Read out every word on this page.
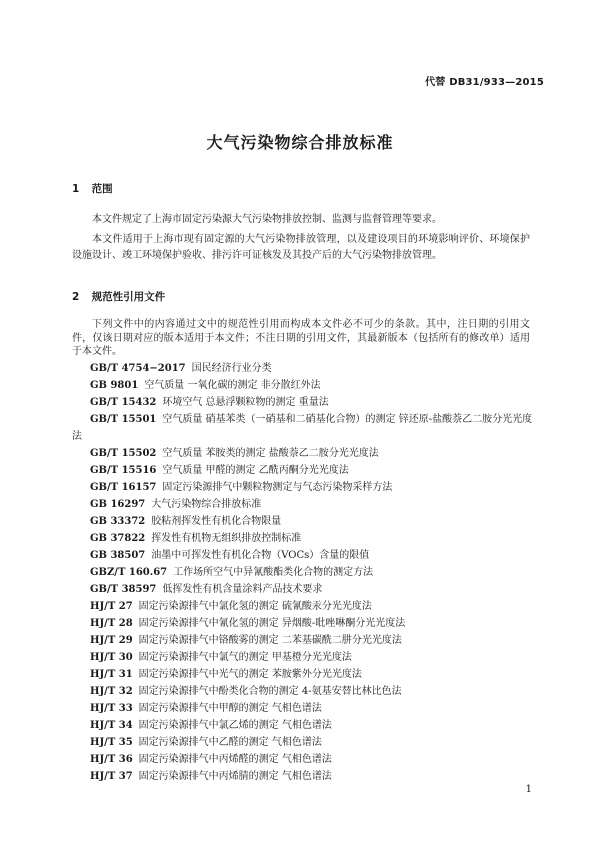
代替 DB31/933—2015
大气污染物综合排放标准
1 范围

本文件规定了上海市固定污染源大气污染物排放控制、监测与监督管理等要求。

本文件适用于上海市现有固定源的大气污染物排放管理，以及建设项目的环境影响评价、环境保护设施设计、竣工环境保护验收、排污许可证核发及其投产后的大气污染物排放管理。

2 规范性引用文件

下列文件中的内容通过文中的规范性引用而构成本文件必不可少的条款。其中，注日期的引用文件，仅该日期对应的版本适用于本文件；不注日期的引用文件，其最新版本（包括所有的修改单）适用于本文件。

GB/T 4754−2017 国民经济行业分类
GB 9801 空气质量 一氧化碳的测定 非分散红外法
GB/T 15432 环境空气 总悬浮颗粒物的测定 重量法
GB/T 15501 空气质量 硝基苯类（一硝基和二硝基化合物）的测定 锌还原-盐酸萘乙二胺分光光度
法
GB/T 15502 空气质量 苯胺类的测定 盐酸萘乙二胺分光光度法
GB/T 15516 空气质量 甲醛的测定 乙酰丙酮分光光度法
GB/T 16157 固定污染源排气中颗粒物测定与气态污染物采样方法
GB 16297 大气污染物综合排放标准
GB 33372 胶粘剂挥发性有机化合物限量
GB 37822 挥发性有机物无组织排放控制标准
GB 38507 油墨中可挥发性有机化合物（VOCs）含量的限值
GBZ/T 160.67 工作场所空气中异氰酸酯类化合物的测定方法
GB/T 38597 低挥发性有机含量涂料产品技术要求
HJ/T 27 固定污染源排气中氯化氢的测定 硫氰酸汞分光光度法
HJ/T 28 固定污染源排气中氰化氢的测定 异烟酸-吡唑啉酮分光光度法
HJ/T 29 固定污染源排气中铬酸雾的测定 二苯基碳酰二肼分光光度法
HJ/T 30 固定污染源排气中氯气的测定 甲基橙分光光度法
HJ/T 31 固定污染源排气中光气的测定 苯胺紫外分光光度法
HJ/T 32 固定污染源排气中酚类化合物的测定 4-氨基安替比林比色法
HJ/T 33 固定污染源排气中甲醇的测定 气相色谱法
HJ/T 34 固定污染源排气中氯乙烯的测定 气相色谱法
HJ/T 35 固定污染源排气中乙醛的测定 气相色谱法
HJ/T 36 固定污染源排气中丙烯醛的测定 气相色谱法
HJ/T 37 固定污染源排气中丙烯腈的测定 气相色谱法
1
